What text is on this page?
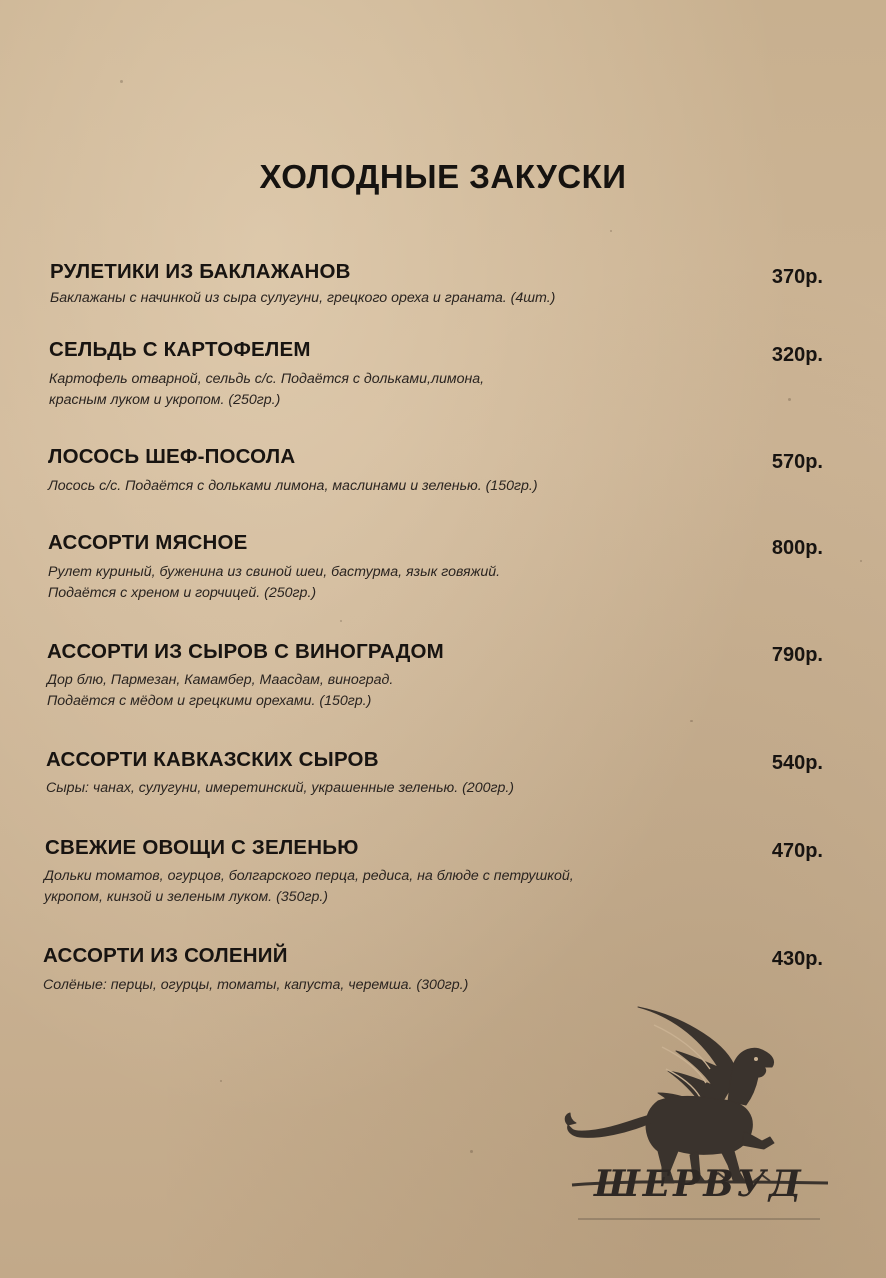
ХОЛОДНЫЕ ЗАКУСКИ
РУЛЕТИКИ ИЗ БАКЛАЖАНОВ	370р.
Баклажаны с начинкой из сыра сулугуни, грецкого ореха и граната. (4шт.)
СЕЛЬДЬ С КАРТОФЕЛЕМ	320р.
Картофель отварной, сельдь с/с. Подаётся с дольками,лимона,
красным луком и укропом. (250гр.)
ЛОСОСЬ ШЕФ-ПОСОЛА	570р.
Лосось с/с. Подаётся с дольками лимона, маслинами и зеленью. (150гр.)
АССОРТИ МЯСНОЕ	800р.
Рулет куриный, буженина из свиной шеи, бастурма, язык говяжий.
Подаётся с хреном и горчицей. (250гр.)
АССОРТИ ИЗ СЫРОВ С ВИНОГРАДОМ	790р.
Дор блю, Пармезан, Камамбер, Маасдам, виноград.
Подаётся с мёдом и грецкими орехами. (150гр.)
АССОРТИ КАВКАЗСКИХ СЫРОВ	540р.
Сыры: чанах, сулугуни, имеретинский, украшенные зеленью. (200гр.)
СВЕЖИЕ ОВОЩИ С ЗЕЛЕНЬЮ	470р.
Дольки томатов, огурцов, болгарского перца, редиса, на блюде с петрушкой,
укропом, кинзой и зеленым луком. (350гр.)
АССОРТИ ИЗ СОЛЕНИЙ	430р.
Солёные: перцы, огурцы, томаты, капуста, черемша. (300гр.)
ШЕРВУД
